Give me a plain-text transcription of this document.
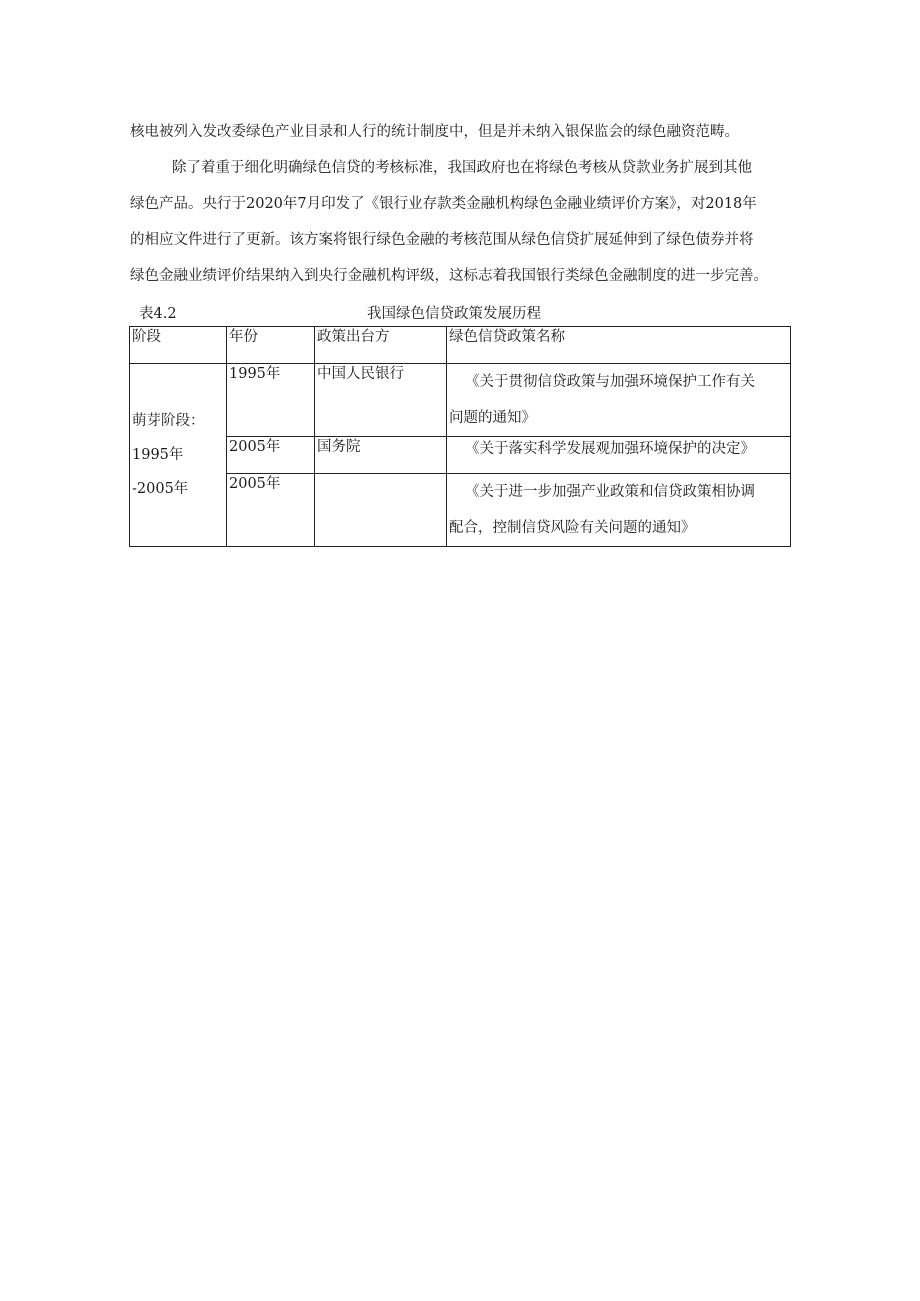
核电被列入发改委绿色产业目录和人行的统计制度中，但是并未纳入银保监会的绿色融资范畴。
除了着重于细化明确绿色信贷的考核标准，我国政府也在将绿色考核从贷款业务扩展到其他
绿色产品。央行于2020年7月印发了《银行业存款类金融机构绿色金融业绩评价方案》，对2018年
的相应文件进行了更新。该方案将银行绿色金融的考核范围从绿色信贷扩展延伸到了绿色债券并将
绿色金融业绩评价结果纳入到央行金融机构评级，这标志着我国银行类绿色金融制度的进一步完善。
表4.2	我国绿色信贷政策发展历程
阶段	年份	政策出台方	绿色信贷政策名称

萌芽阶段：
1995年
-2005年	1995年	中国人民银行	《关于贯彻信贷政策与加强环境保护工作有关
问题的通知》

	2005年	国务院	《关于落实科学发展观加强环境保护的决定》

	2005年		《关于进一步加强产业政策和信贷政策相协调
配合，控制信贷风险有关问题的通知》
